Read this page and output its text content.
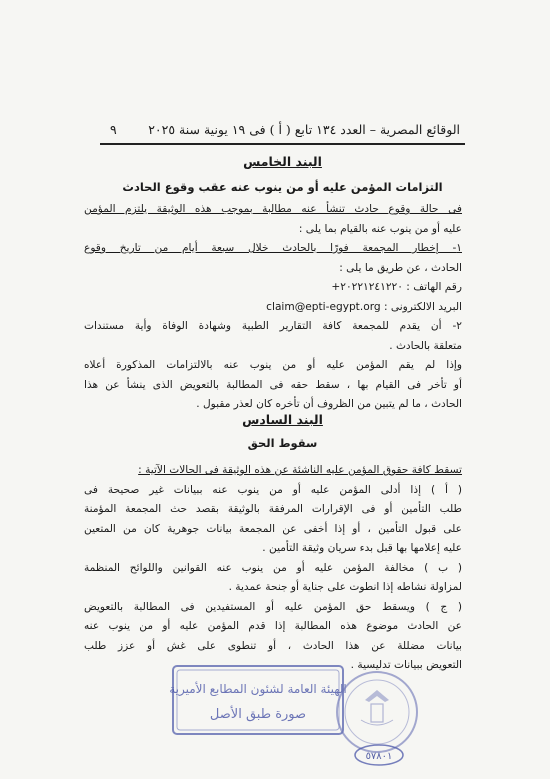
٩	الوقائع المصرية – العدد ١٣٤ تابع ( أ ) فى ١٩ يونية سنة ٢٠٢٥
البند الخامس
التزامات المؤمن عليه أو من ينوب عنه عقب وقوع الحادث
فى حالة وقوع حادث تنشأ عنه مطالبة بموجب هذه الوثيقة يلتزم المؤمن
عليه أو من ينوب عنه بالقيام بما يلى :
١- إخطار المجمعة فورًا بالحادث خلال سبعة أيام من تاريخ وقوع
الحادث ، عن طريق ما يلى :
رقم الهاتف : ٢٠٢٢١٢٤١٢٢٠+
البريد الالكترونى : claim@epti-egypt.org
٢- أن يقدم للمجمعة كافة التقارير الطبية وشهادة الوفاة وأية مستندات
متعلقة بالحادث .
وإذا لم يقم المؤمن عليه أو من ينوب عنه بالالتزامات المذكورة أعلاه
أو تأخر فى القيام بها ، سقط حقه فى المطالبة بالتعويض الذى ينشأ عن هذا
الحادث ، ما لم يتبين من الظروف أن تأخره كان لعذر مقبول .
البند السادس
سقوط الحق
تسقط كافة حقوق المؤمن عليه الناشئة عن هذه الوثيقة فى الحالات الآتية :
( أ ) إذا أدلى المؤمن عليه أو من ينوب عنه ببيانات غير صحيحة فى
طلب التأمين أو فى الإقرارات المرفقة بالوثيقة بقصد حث المجمعة المؤمنة
على قبول التأمين ، أو إذا أخفى عن المجمعة بيانات جوهرية كان من المتعين
عليه إعلامها بها قبل بدء سريان وثيقة التأمين .
( ب ) مخالفة المؤمن عليه أو من ينوب عنه القوانين واللوائح المنظمة
لمزاولة نشاطه إذا انطوت على جناية أو جنحة عمدية .
( ج ) ويسقط حق المؤمن عليه أو المستفيدين فى المطالبة بالتعويض
عن الحادث موضوع هذه المطالبة إذا قدم المؤمن عليه أو من ينوب عنه
بيانات مضللة عن هذا الحادث ، أو تنطوى على غش أو عزز طلب
التعويض ببيانات تدليسية .
الهيئة العامة لشئون المطابع الأميرية
صورة طبق الأصل
٥٧٨٠١
